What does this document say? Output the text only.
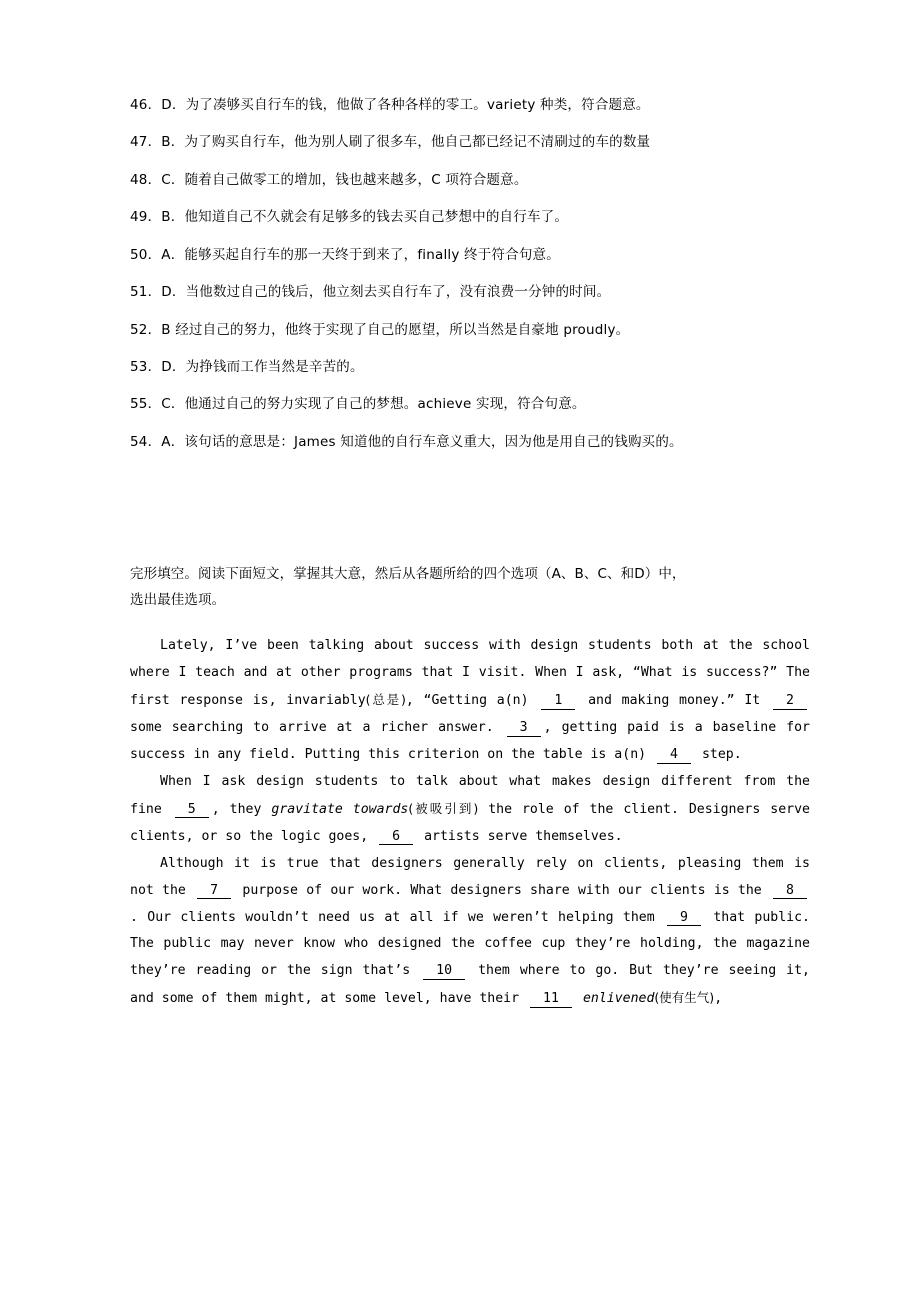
46．D．为了凑够买自行车的钱，他做了各种各样的零工。variety 种类，符合题意。

47．B．为了购买自行车，他为别人刷了很多车，他自己都已经记不清刷过的车的数量

48．C．随着自己做零工的增加，钱也越来越多，C 项符合题意。

49．B．他知道自己不久就会有足够多的钱去买自己梦想中的自行车了。

50．A．能够买起自行车的那一天终于到来了，finally 终于符合句意。

51．D．当他数过自己的钱后，他立刻去买自行车了，没有浪费一分钟的时间。

52．B 经过自己的努力，他终于实现了自己的愿望，所以当然是自豪地 proudly。

53．D．为挣钱而工作当然是辛苦的。

55．C．他通过自己的努力实现了自己的梦想。achieve 实现，符合句意。

54．A．该句话的意思是：James 知道他的自行车意义重大，因为他是用自己的钱购买的。

完形填空。阅读下面短文，掌握其大意，然后从各题所给的四个选项（A、B、C、和D）中，
选出最佳选项。

Lately, I’ve been talking about success with design students both at the school where I teach and at other programs that I visit. When I ask, “What is success?” The first response is, invariably(总是), “Getting a(n) 1 and making money.” It 2 some searching to arrive at a richer answer. 3 , getting paid is a baseline for success in any field. Putting this criterion on the table is a(n) 4 step.

When I ask design students to talk about what makes design different from the fine 5 , they gravitate towards(被吸引到) the role of the client. Designers serve clients, or so the logic goes, 6 artists serve themselves.

Although it is true that designers generally rely on clients, pleasing them is not the 7 purpose of our work. What designers share with our clients is the 8. Our clients wouldn’t need us at all if we weren’t helping them 9 that public. The public may never know who designed the coffee cup they’re holding, the magazine they’re reading or the sign that’s 10 them where to go. But they’re seeing it, and some of them might, at some level, have their 11 enlivened(使有生气),
